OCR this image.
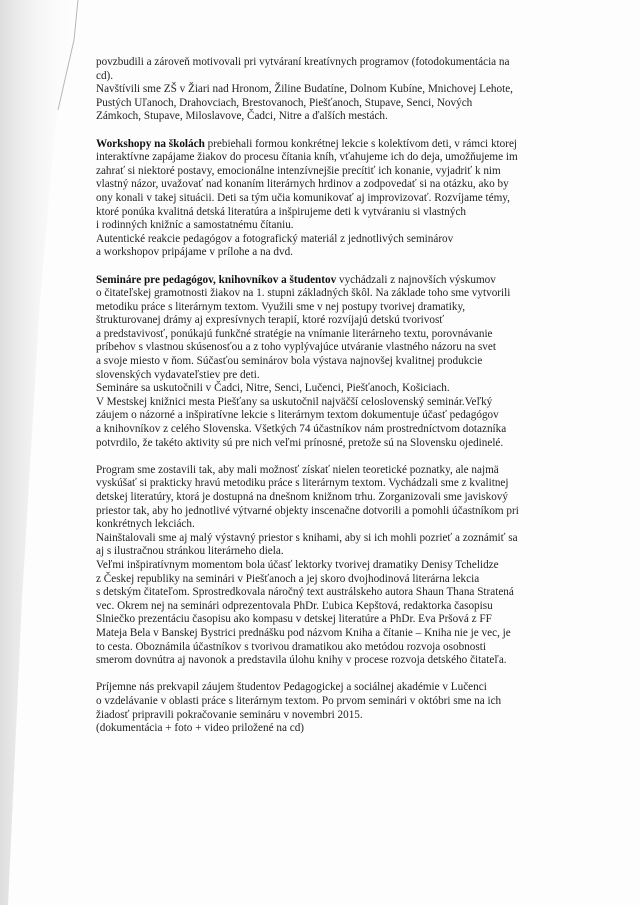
povzbudili a zároveň motivovali pri vytváraní kreatívnych programov (fotodokumentácia na
cd).
Navštívili sme ZŠ v Žiari nad Hronom, Žiline Budatíne, Dolnom Kubíne, Mnichovej Lehote,
Pustých Uľanoch, Drahovciach, Brestovanoch, Piešťanoch, Stupave, Senci, Nových
Zámkoch, Stupave, Miloslavove, Čadci, Nitre a ďalších mestách.
Workshopy na školách prebiehali formou konkrétnej lekcie s kolektívom deti, v rámci ktorej
interaktívne zapájame žiakov do procesu čítania kníh, vťahujeme ich do deja, umožňujeme im
zahrať si niektoré postavy, emocionálne intenzívnejšie precítiť ich konanie, vyjadriť k nim
vlastný názor, uvažovať nad konaním literárnych hrdinov a zodpovedať si na otázku, ako by
ony konali v takej situácii. Deti sa tým učia komunikovať aj improvizovať. Rozvíjame témy,
ktoré ponúka kvalitná detská literatúra a inšpirujeme deti k vytváraniu si vlastných
i rodinných knižníc a samostatnému čítaniu.
Autentické reakcie pedagógov a fotografický materiál z jednotlivých seminárov
a workshopov pripájame v prílohe a na dvd.
Semináre pre pedagógov, knihovníkov a študentov vychádzali z najnovších výskumov
o čitateľskej gramotnosti žiakov na 1. stupni základných škôl. Na základe toho sme vytvorili
metodiku práce s literárnym textom. Využili sme v nej postupy tvorivej dramatiky,
štrukturovanej drámy aj expresívnych terapií, ktoré rozvíjajú detskú tvorivosť
a predstavivosť, ponúkajú funkčné stratégie na vnímanie literárneho textu, porovnávanie
príbehov s vlastnou skúsenosťou a z toho vyplývajúce utváranie vlastného názoru na svet
a svoje miesto v ňom. Súčasťou seminárov bola výstava najnovšej kvalitnej produkcie
slovenských vydavateľstiev pre deti.
Semináre sa uskutočnili v Čadci, Nitre, Senci, Lučenci, Piešťanoch, Košiciach.
V Mestskej knižnici mesta Piešťany sa uskutočnil najväčší celoslovenský seminár.Veľký
záujem o názorné a inšpiratívne lekcie s literárnym textom dokumentuje účasť pedagógov
a knihovníkov z celého Slovenska. Všetkých 74 účastníkov nám prostredníctvom dotazníka
potvrdilo, že takéto aktivity sú pre nich veľmi prínosné, pretože sú na Slovensku ojedinelé.
Program sme zostavili tak, aby mali možnosť získať nielen teoretické poznatky, ale najmä
vyskúšať si prakticky hravú metodiku práce s literárnym textom. Vychádzali sme z kvalitnej
detskej literatúry, ktorá je dostupná na dnešnom knižnom trhu. Zorganizovali sme javiskový
priestor tak, aby ho jednotlivé výtvarné objekty inscenačne dotvorili a pomohli účastníkom pri
konkrétnych lekciách.
Nainštalovali sme aj malý výstavný priestor s knihami, aby si ich mohli pozrieť a zoznámiť sa
aj s ilustračnou stránkou literárneho diela.
Veľmi inšpiratívnym momentom bola účasť lektorky tvorivej dramatiky Denisy Tchelidze
z Českej republiky na seminári v Piešťanoch a jej skoro dvojhodinová literárna lekcia
s detským čitateľom. Sprostredkovala náročný text austrálskeho autora Shaun Thana Stratená
vec. Okrem nej na seminári odprezentovala PhDr. Ľubica Kepštová, redaktorka časopisu
Slniečko prezentáciu časopisu ako kompasu v detskej literatúre a PhDr. Eva Pršová z FF
Mateja Bela v Banskej Bystrici prednášku pod názvom Kniha a čítanie – Kniha nie je vec, je
to cesta. Oboznámila účastníkov s tvorivou dramatikou ako metódou rozvoja osobnosti
smerom dovnútra aj navonok a predstavila úlohu knihy v procese rozvoja detského čitateľa.
Príjemne nás prekvapil záujem študentov Pedagogickej a sociálnej akadémie v Lučenci
o vzdelávanie v oblasti práce s literárnym textom. Po prvom seminári v októbri sme na ich
žiadosť pripravili pokračovanie semináru v novembri 2015.
(dokumentácia + foto + video priložené na cd)
